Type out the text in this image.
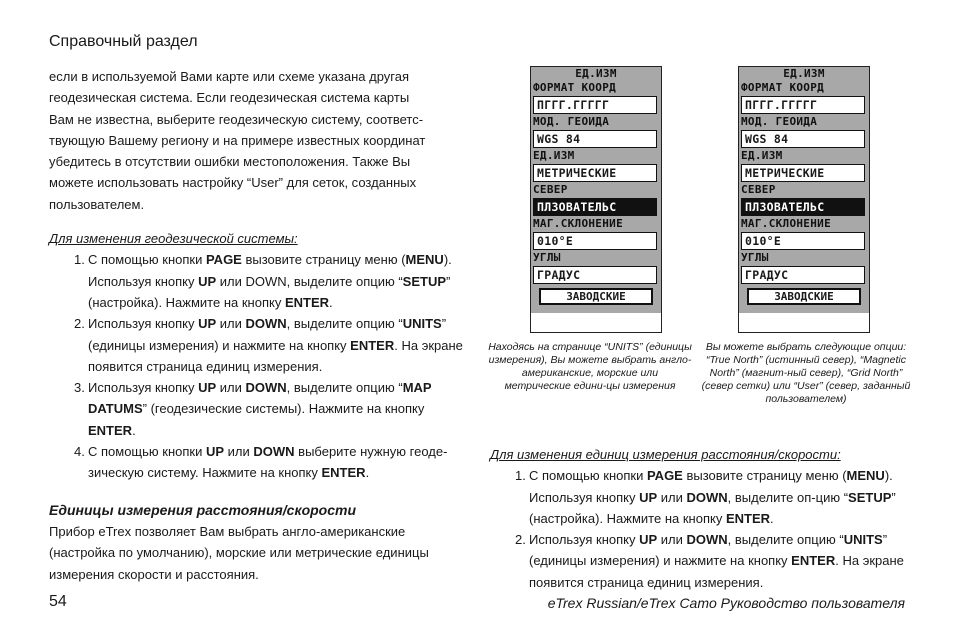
Справочный раздел

если в используемой Вами карте или схеме указана другая
геодезическая система. Если геодезическая система карты
Вам не известна, выберите геодезическую систему, соответс-
твующую Вашему региону и на примере известных координат
убедитесь в отсутствии ошибки местоположения. Также Вы
можете использовать настройку “User” для сеток, созданных
пользователем.

Для изменения геодезической системы:

1. С помощью кнопки PAGE вызовите страницу меню (MENU). Используя кнопку UP или DOWN, выделите опцию “SETUP” (настройка). Нажмите на кнопку ENTER.
2. Используя кнопку UP или DOWN, выделите опцию “UNITS” (единицы измерения) и нажмите на кнопку ENTER. На экране появится страница единиц измерения.
3. Используя кнопку UP или DOWN, выделите опцию “MAP DATUMS” (геодезические системы). Нажмите на кнопку ENTER.
4. С помощью кнопки UP или DOWN выберите нужную геоде-зическую систему. Нажмите на кнопку ENTER.

Единицы измерения расстояния/скорости

Прибор eTrex позволяет Вам выбрать англо-американские (настройка по умолчанию), морские или метрические единицы измерения скорости и расстояния.

ЕД.ИЗМ
ФОРМАТ КООРД
ПГГГ.ГГГГГ
МОД. ГЕОИДА
WGS 84
ЕД.ИЗМ
МЕТРИЧЕСКИЕ
СЕВЕР
ПЛЗОВАТЕЛЬС
МАГ.СКЛОНЕНИЕ
010°E
УГЛЫ
ГРАДУС
ЗАВОДСКИЕ
ЕД.ИЗМ
ФОРМАТ КООРД
ПГГГ.ГГГГГ
МОД. ГЕОИДА
WGS 84
ЕД.ИЗМ
МЕТРИЧЕСКИЕ
СЕВЕР
ПЛЗОВАТЕЛЬС
МАГ.СКЛОНЕНИЕ
010°E
УГЛЫ
ГРАДУС
ЗАВОДСКИЕ
Находясь на странице “UNITS” (единицы измерения), Вы можете выбрать англо-американские, морские или метрические едини-цы измерения
Вы можете выбрать следующие опции: “True North” (истинный север), “Magnetic North” (магнит-ный север), “Grid North” (север сетки) или “User” (север, заданный пользователем)

Для изменения единиц измерения расстояния/скорости:

1. С помощью кнопки PAGE вызовите страницу меню (MENU). Используя кнопку UP или DOWN, выделите оп-цию “SETUP” (настройка). Нажмите на кнопку ENTER.
2. Используя кнопку UP или DOWN, выделите опцию “UNITS” (единицы измерения) и нажмите на кнопку ENTER. На экране появится страница единиц измерения.
54	eTrex Russian/eTrex Camo Руководство пользователя
